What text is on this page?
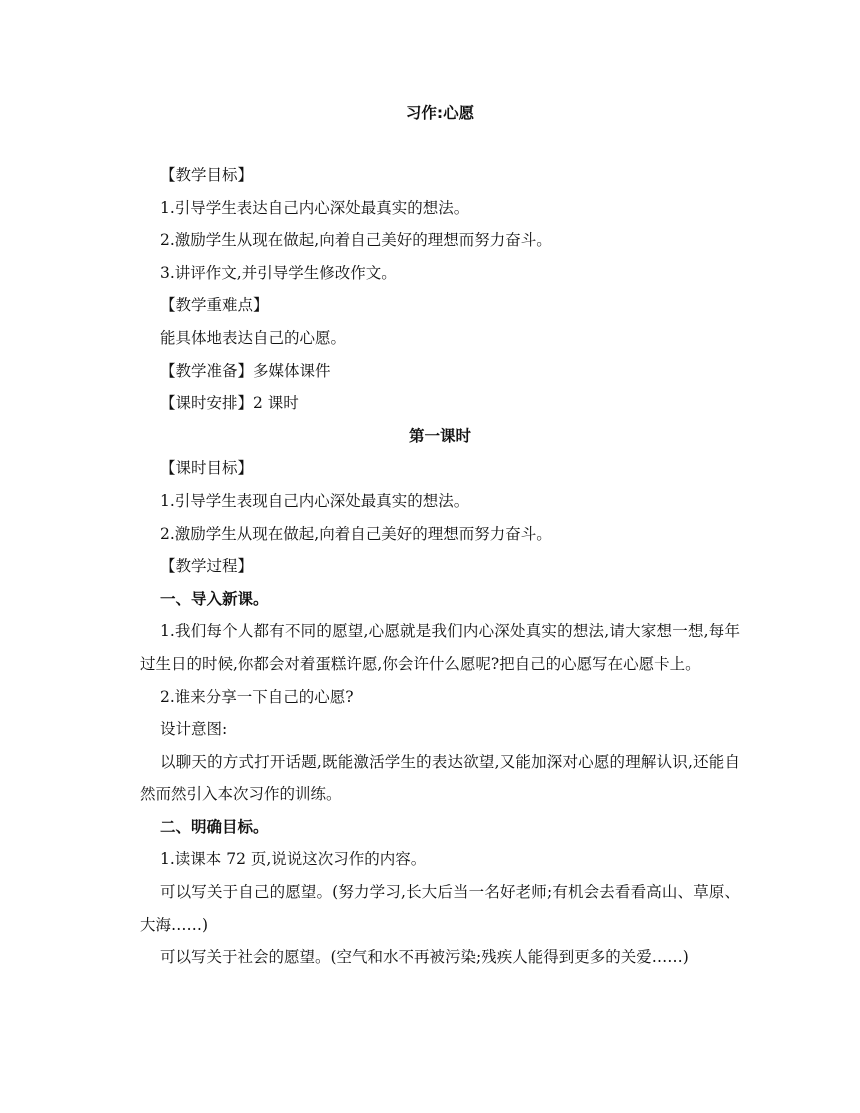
习作:心愿

【教学目标】

1.引导学生表达自己内心深处最真实的想法。

2.激励学生从现在做起,向着自己美好的理想而努力奋斗。

3.讲评作文,并引导学生修改作文。

【教学重难点】

能具体地表达自己的心愿。

【教学准备】多媒体课件

【课时安排】2 课时

第一课时

【课时目标】

1.引导学生表现自己内心深处最真实的想法。

2.激励学生从现在做起,向着自己美好的理想而努力奋斗。

【教学过程】

一、导入新课。

1.我们每个人都有不同的愿望,心愿就是我们内心深处真实的想法,请大家想一想,每年过生日的时候,你都会对着蛋糕许愿,你会许什么愿呢?把自己的心愿写在心愿卡上。

2.谁来分享一下自己的心愿?

设计意图:

以聊天的方式打开话题,既能激活学生的表达欲望,又能加深对心愿的理解认识,还能自然而然引入本次习作的训练。

二、明确目标。

1.读课本 72 页,说说这次习作的内容。

可以写关于自己的愿望。(努力学习,长大后当一名好老师;有机会去看看高山、草原、大海……)

可以写关于社会的愿望。(空气和水不再被污染;残疾人能得到更多的关爱……)
